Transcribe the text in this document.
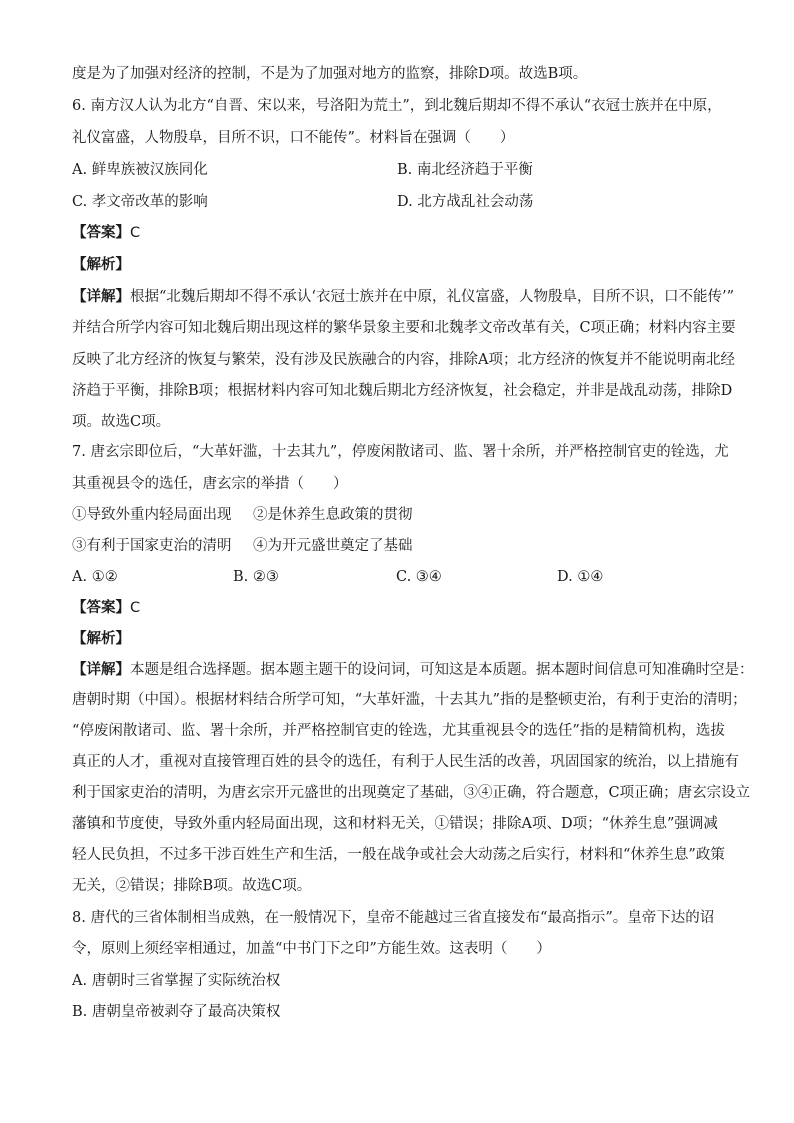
度是为了加强对经济的控制，不是为了加强对地方的监察，排除D项。故选B项。
6. 南方汉人认为北方“自晋、宋以来，号洛阳为荒土”，到北魏后期却不得不承认“衣冠士族并在中原，
礼仪富盛，人物殷阜，目所不识，口不能传”。材料旨在强调（　　）
A. 鲜卑族被汉族同化	B. 南北经济趋于平衡
C. 孝文帝改革的影响	D. 北方战乱社会动荡
【答案】C
【解析】
【详解】根据“北魏后期却不得不承认‘衣冠士族并在中原，礼仪富盛，人物殷阜，目所不识，口不能传’”
并结合所学内容可知北魏后期出现这样的繁华景象主要和北魏孝文帝改革有关，C项正确；材料内容主要
反映了北方经济的恢复与繁荣，没有涉及民族融合的内容，排除A项；北方经济的恢复并不能说明南北经
济趋于平衡，排除B项；根据材料内容可知北魏后期北方经济恢复，社会稳定，并非是战乱动荡，排除D
项。故选C项。
7. 唐玄宗即位后，“大革奸滥，十去其九”，停废闲散诸司、监、署十余所，并严格控制官吏的铨选，尤
其重视县令的选任，唐玄宗的举措（　　）
①导致外重内轻局面出现 ②是休养生息政策的贯彻
③有利于国家吏治的清明 ④为开元盛世奠定了基础
A. ①②	B. ②③	C. ③④	D. ①④
【答案】C
【解析】
【详解】本题是组合选择题。据本题主题干的设问词，可知这是本质题。据本题时间信息可知准确时空是：
唐朝时期（中国）。根据材料结合所学可知，“大革奸滥，十去其九”指的是整顿吏治，有利于吏治的清明；
“停废闲散诸司、监、署十余所，并严格控制官吏的铨选，尤其重视县令的选任”指的是精简机构，选拔
真正的人才，重视对直接管理百姓的县令的选任，有利于人民生活的改善，巩固国家的统治，以上措施有
利于国家吏治的清明，为唐玄宗开元盛世的出现奠定了基础，③④正确，符合题意，C项正确；唐玄宗设立
藩镇和节度使，导致外重内轻局面出现，这和材料无关，①错误；排除A项、D项；“休养生息”强调减
轻人民负担，不过多干涉百姓生产和生活，一般在战争或社会大动荡之后实行，材料和“休养生息”政策
无关，②错误；排除B项。故选C项。
8. 唐代的三省体制相当成熟，在一般情况下，皇帝不能越过三省直接发布“最高指示”。皇帝下达的诏
令，原则上须经宰相通过，加盖“中书门下之印”方能生效。这表明（　　）
A. 唐朝时三省掌握了实际统治权
B. 唐朝皇帝被剥夺了最高决策权
